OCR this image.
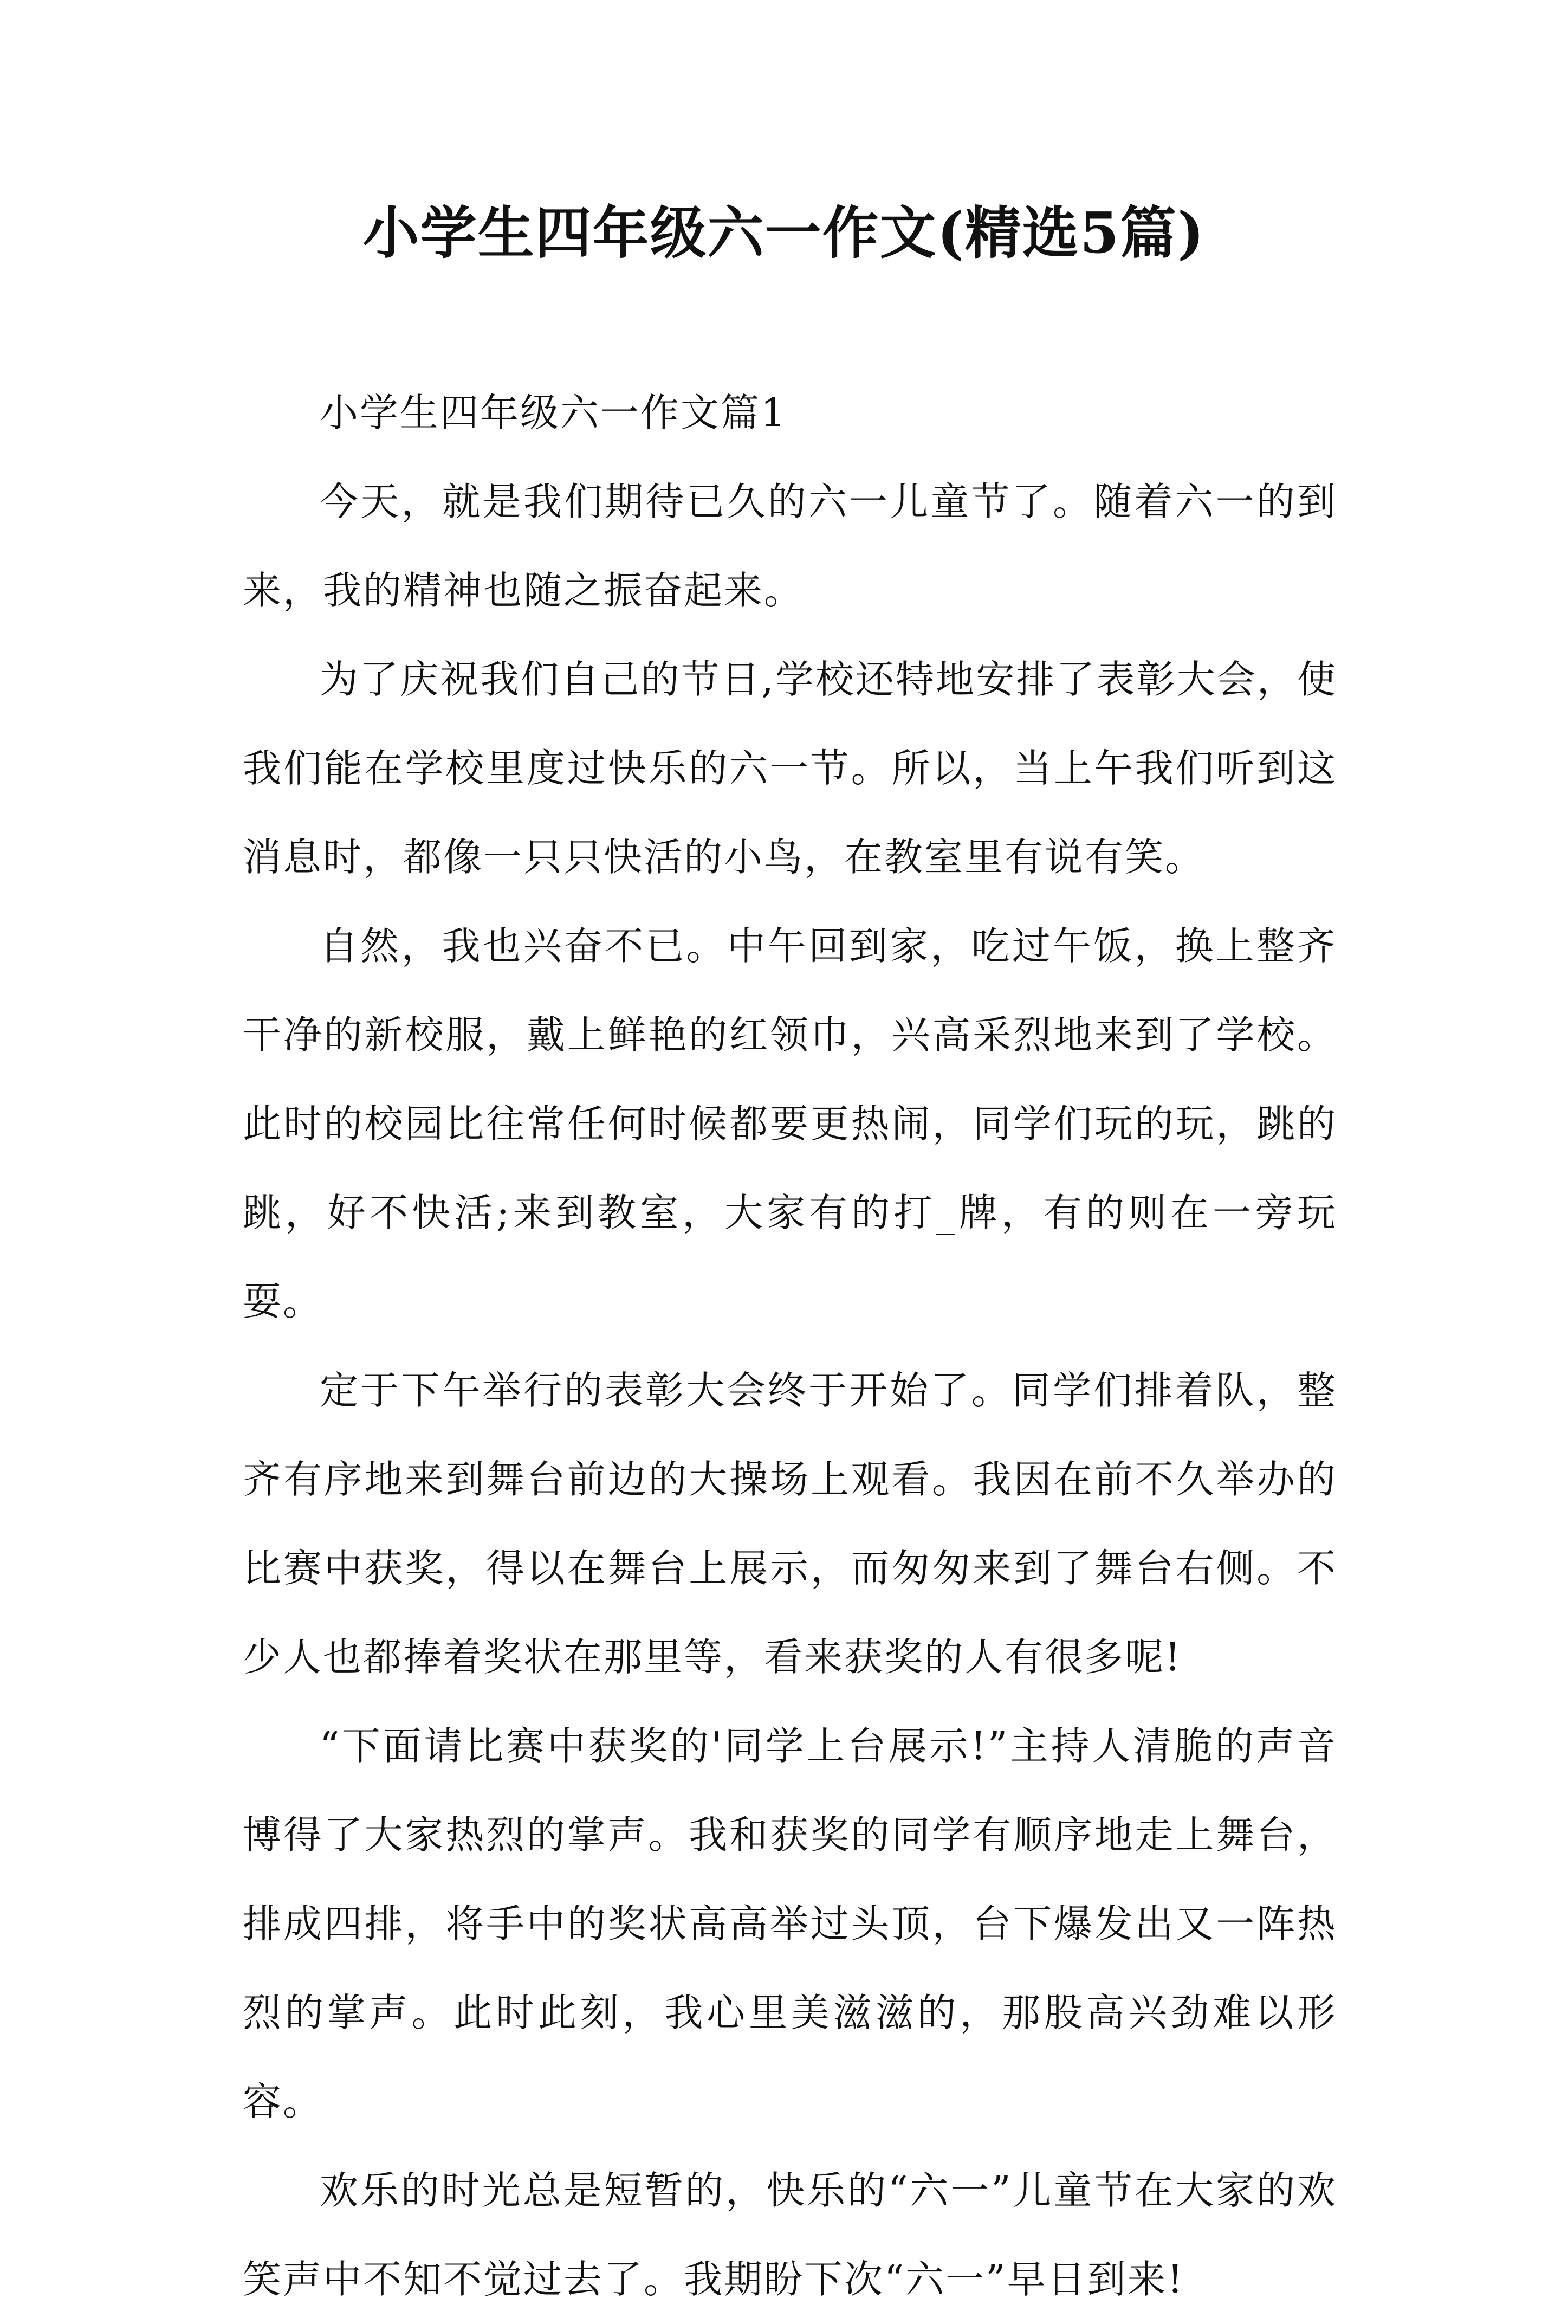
小学生四年级六一作文(精选5篇)
小学生四年级六一作文篇1

今天，就是我们期待已久的六一儿童节了。随着六一的到来，我的精神也随之振奋起来。

为了庆祝我们自己的节日,学校还特地安排了表彰大会，使我们能在学校里度过快乐的六一节。所以，当上午我们听到这消息时，都像一只只快活的小鸟，在教室里有说有笑。

自然，我也兴奋不已。中午回到家，吃过午饭，换上整齐干净的新校服，戴上鲜艳的红领巾，兴高采烈地来到了学校。此时的校园比往常任何时候都要更热闹，同学们玩的玩，跳的跳，好不快活;来到教室，大家有的打_牌，有的则在一旁玩耍。

定于下午举行的表彰大会终于开始了。同学们排着队，整齐有序地来到舞台前边的大操场上观看。我因在前不久举办的比赛中获奖，得以在舞台上展示，而匆匆来到了舞台右侧。不少人也都捧着奖状在那里等，看来获奖的人有很多呢!

“下面请比赛中获奖的'同学上台展示!”主持人清脆的声音博得了大家热烈的掌声。我和获奖的同学有顺序地走上舞台，排成四排，将手中的奖状高高举过头顶，台下爆发出又一阵热烈的掌声。此时此刻，我心里美滋滋的，那股高兴劲难以形容。

欢乐的时光总是短暂的，快乐的“六一”儿童节在大家的欢笑声中不知不觉过去了。我期盼下次“六一”早日到来!
